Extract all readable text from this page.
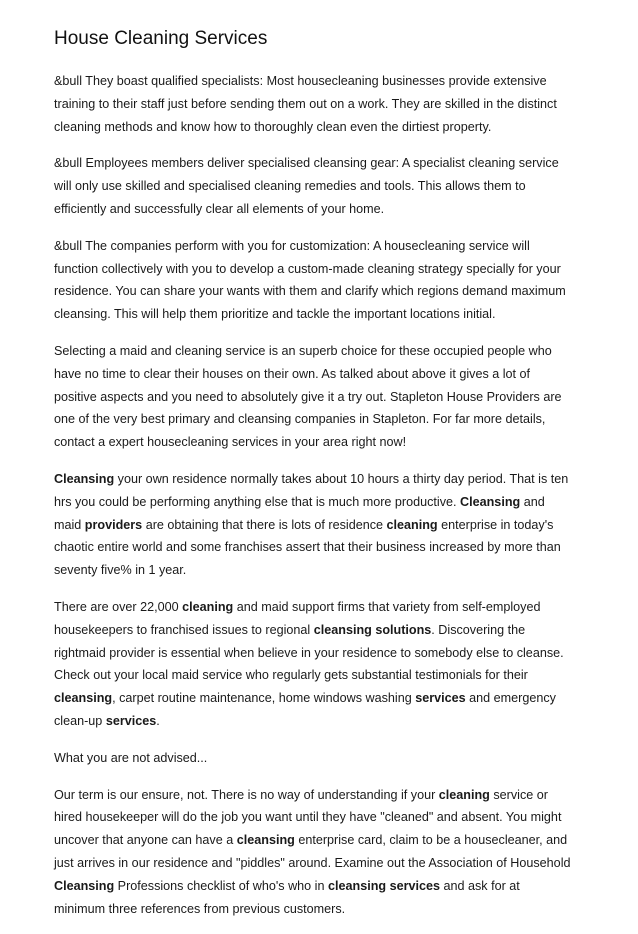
House Cleaning Services

&bull They boast qualified specialists: Most housecleaning businesses provide extensive
training to their staff just before sending them out on a work. They are skilled in the distinct
cleaning methods and know how to thoroughly clean even the dirtiest property.

&bull Employees members deliver specialised cleansing gear: A specialist cleaning service
will only use skilled and specialised cleaning remedies and tools. This allows them to
efficiently and successfully clear all elements of your home.

&bull The companies perform with you for customization: A housecleaning service will
function collectively with you to develop a custom-made cleaning strategy specially for your
residence. You can share your wants with them and clarify which regions demand maximum
cleansing. This will help them prioritize and tackle the important locations initial.

Selecting a maid and cleaning service is an superb choice for these occupied people who
have no time to clear their houses on their own. As talked about above it gives a lot of
positive aspects and you need to absolutely give it a try out. Stapleton House Providers are
one of the very best primary and cleansing companies in Stapleton. For far more details,
contact a expert housecleaning services in your area right now!

Cleansing your own residence normally takes about 10 hours a thirty day period. That is ten
hrs you could be performing anything else that is much more productive. Cleansing and
maid providers are obtaining that there is lots of residence cleaning enterprise in today's
chaotic entire world and some franchises assert that their business increased by more than
seventy five% in 1 year.

There are over 22,000 cleaning and maid support firms that variety from self-employed
housekeepers to franchised issues to regional cleansing solutions. Discovering the
rightmaid provider is essential when believe in your residence to somebody else to cleanse.
Check out your local maid service who regularly gets substantial testimonials for their
cleansing, carpet routine maintenance, home windows washing services and emergency
clean-up services.

What you are not advised...

Our term is our ensure, not. There is no way of understanding if your cleaning service or
hired housekeeper will do the job you want until they have "cleaned" and absent. You might
uncover that anyone can have a cleansing enterprise card, claim to be a housecleaner, and
just arrives in our residence and "piddles" around. Examine out the Association of Household
Cleansing Professions checklist of who's who in cleansing services and ask for at
minimum three references from previous customers.
